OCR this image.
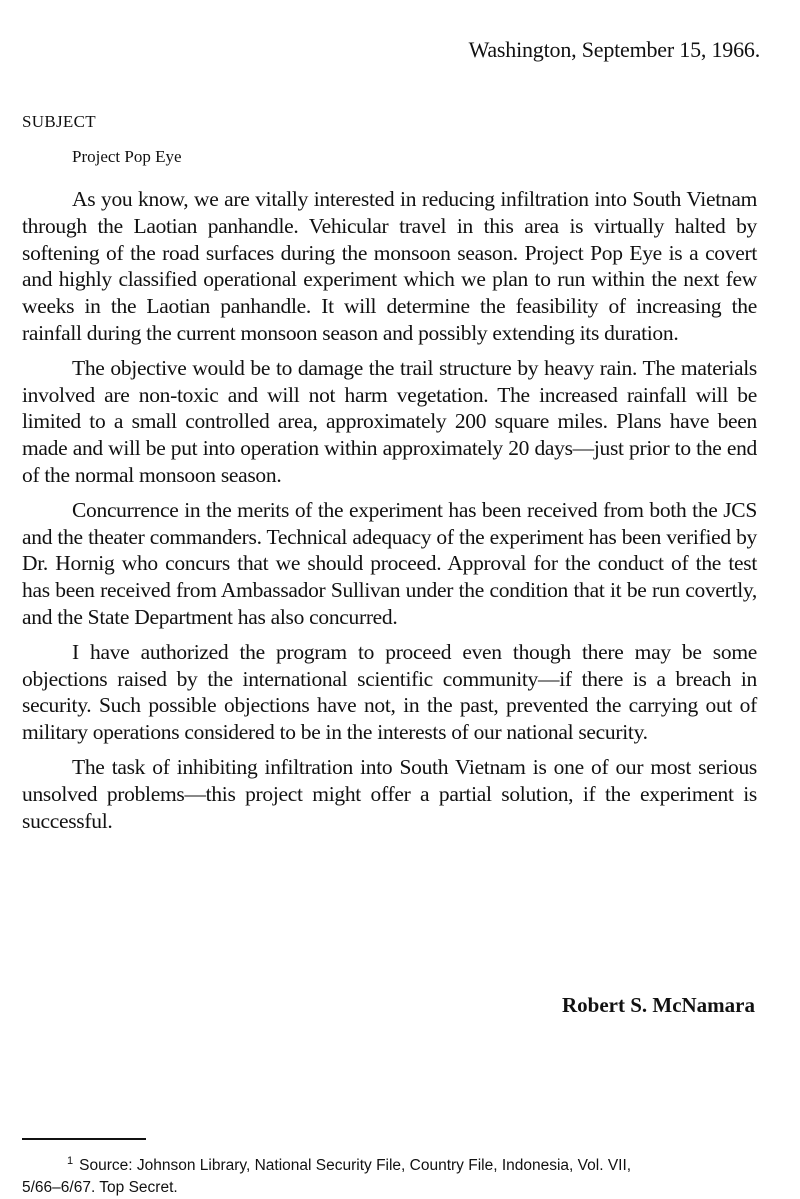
Washington, September 15, 1966.
SUBJECT
Project Pop Eye

As you know, we are vitally interested in reducing infiltration into South Vietnam through the Laotian panhandle. Vehicular travel in this area is virtually halted by softening of the road surfaces during the monsoon season. Project Pop Eye is a covert and highly classified operational experiment which we plan to run within the next few weeks in the Laotian panhandle. It will determine the feasibility of increasing the rainfall during the current monsoon season and possibly extending its duration.

The objective would be to damage the trail structure by heavy rain. The materials involved are non-toxic and will not harm vegetation. The increased rainfall will be limited to a small controlled area, approximately 200 square miles. Plans have been made and will be put into operation within approximately 20 days—just prior to the end of the normal monsoon season.

Concurrence in the merits of the experiment has been received from both the JCS and the theater commanders. Technical adequacy of the experiment has been verified by Dr. Hornig who concurs that we should proceed. Approval for the conduct of the test has been received from Ambassador Sullivan under the condition that it be run covertly, and the State Department has also concurred.

I have authorized the program to proceed even though there may be some objections raised by the international scientific community—if there is a breach in security. Such possible objections have not, in the past, prevented the carrying out of military operations considered to be in the interests of our national security.

The task of inhibiting infiltration into South Vietnam is one of our most serious unsolved problems—this project might offer a partial solution, if the experiment is successful.

Robert S. McNamara
$^1$ Source: Johnson Library, National Security File, Country File, Indonesia, Vol. VII,
5/66–6/67. Top Secret.
